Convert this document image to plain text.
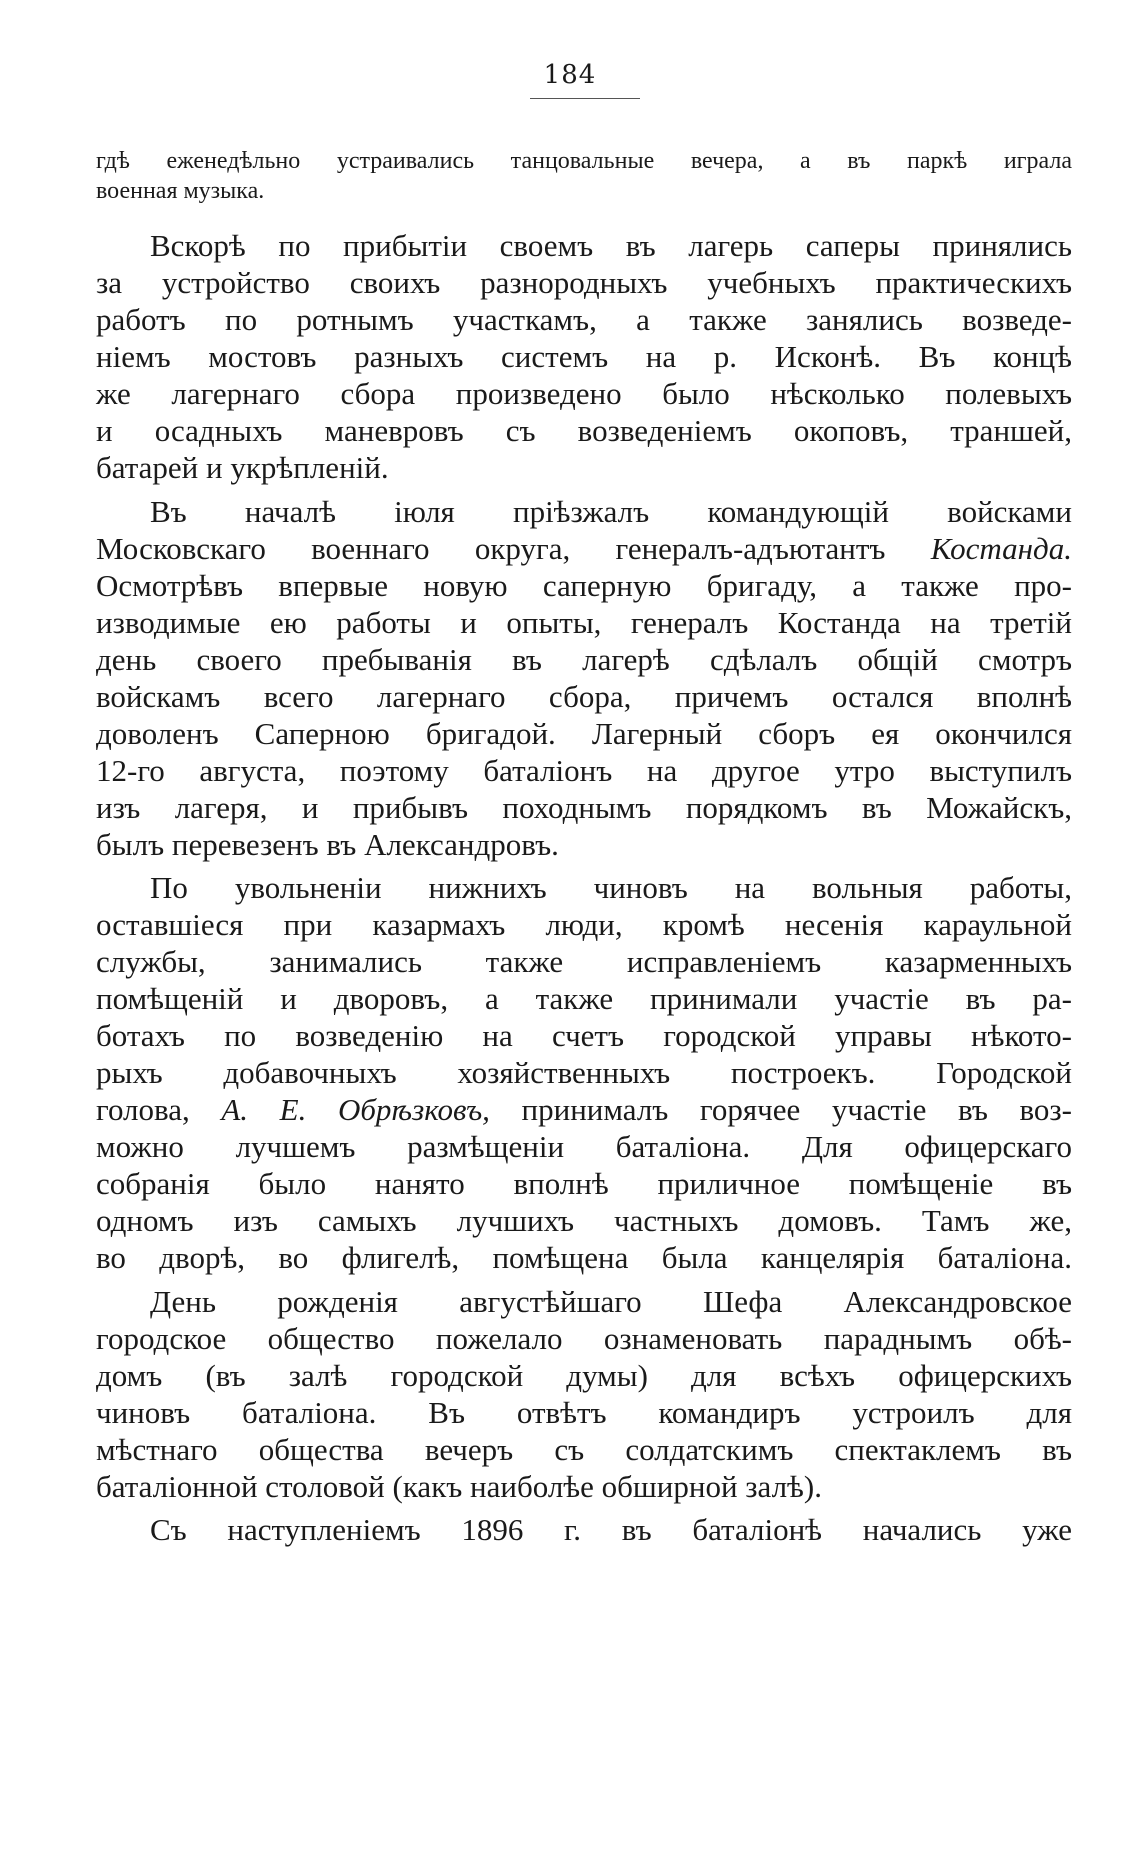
184
гдѣ еженедѣльно устраивались танцовальные вечера, а въ паркѣ играла
военная музыка.
Вскорѣ по прибытіи своемъ въ лагерь саперы принялись
за устройство своихъ разнородныхъ учебныхъ практическихъ
работъ по ротнымъ участкамъ, а также занялись возведе-
ніемъ мостовъ разныхъ системъ на р. Исконѣ. Въ концѣ
же лагернаго сбора произведено было нѣсколько полевыхъ
и осадныхъ маневровъ съ возведеніемъ окоповъ, траншей,
батарей и укрѣпленій.
Въ началѣ іюля пріѣзжалъ командующій войсками
Московскаго военнаго округа, генералъ-адъютантъ Костанда.
Осмотрѣвъ впервые новую саперную бригаду, а также про-
изводимые ею работы и опыты, генералъ Костанда на третій
день своего пребыванія въ лагерѣ сдѣлалъ общій смотръ
войскамъ всего лагернаго сбора, причемъ остался вполнѣ
доволенъ Саперною бригадой. Лагерный сборъ ея окончился
12-го августа, поэтому баталіонъ на другое утро выступилъ
изъ лагеря, и прибывъ походнымъ порядкомъ въ Можайскъ,
былъ перевезенъ въ Александровъ.
По увольненіи нижнихъ чиновъ на вольныя работы,
оставшіеся при казармахъ люди, кромѣ несенія караульной
службы, занимались также исправленіемъ казарменныхъ
помѣщеній и дворовъ, а также принимали участіе въ ра-
ботахъ по возведенію на счетъ городской управы нѣкото-
рыхъ добавочныхъ хозяйственныхъ построекъ. Городской
голова, А. Е. Обрѣзковъ, принималъ горячее участіе въ воз-
можно лучшемъ размѣщеніи баталіона. Для офицерскаго
собранія было нанято вполнѣ приличное помѣщеніе въ
одномъ изъ самыхъ лучшихъ частныхъ домовъ. Тамъ же,
во дворѣ, во флигелѣ, помѣщена была канцелярія баталіона.
День рожденія августѣйшаго Шефа Александровское
городское общество пожелало ознаменовать параднымъ обѣ-
домъ (въ залѣ городской думы) для всѣхъ офицерскихъ
чиновъ баталіона. Въ отвѣтъ командиръ устроилъ для
мѣстнаго общества вечеръ съ солдатскимъ спектаклемъ въ
баталіонной столовой (какъ наиболѣе обширной залѣ).
Съ наступленіемъ 1896 г. въ баталіонѣ начались уже
